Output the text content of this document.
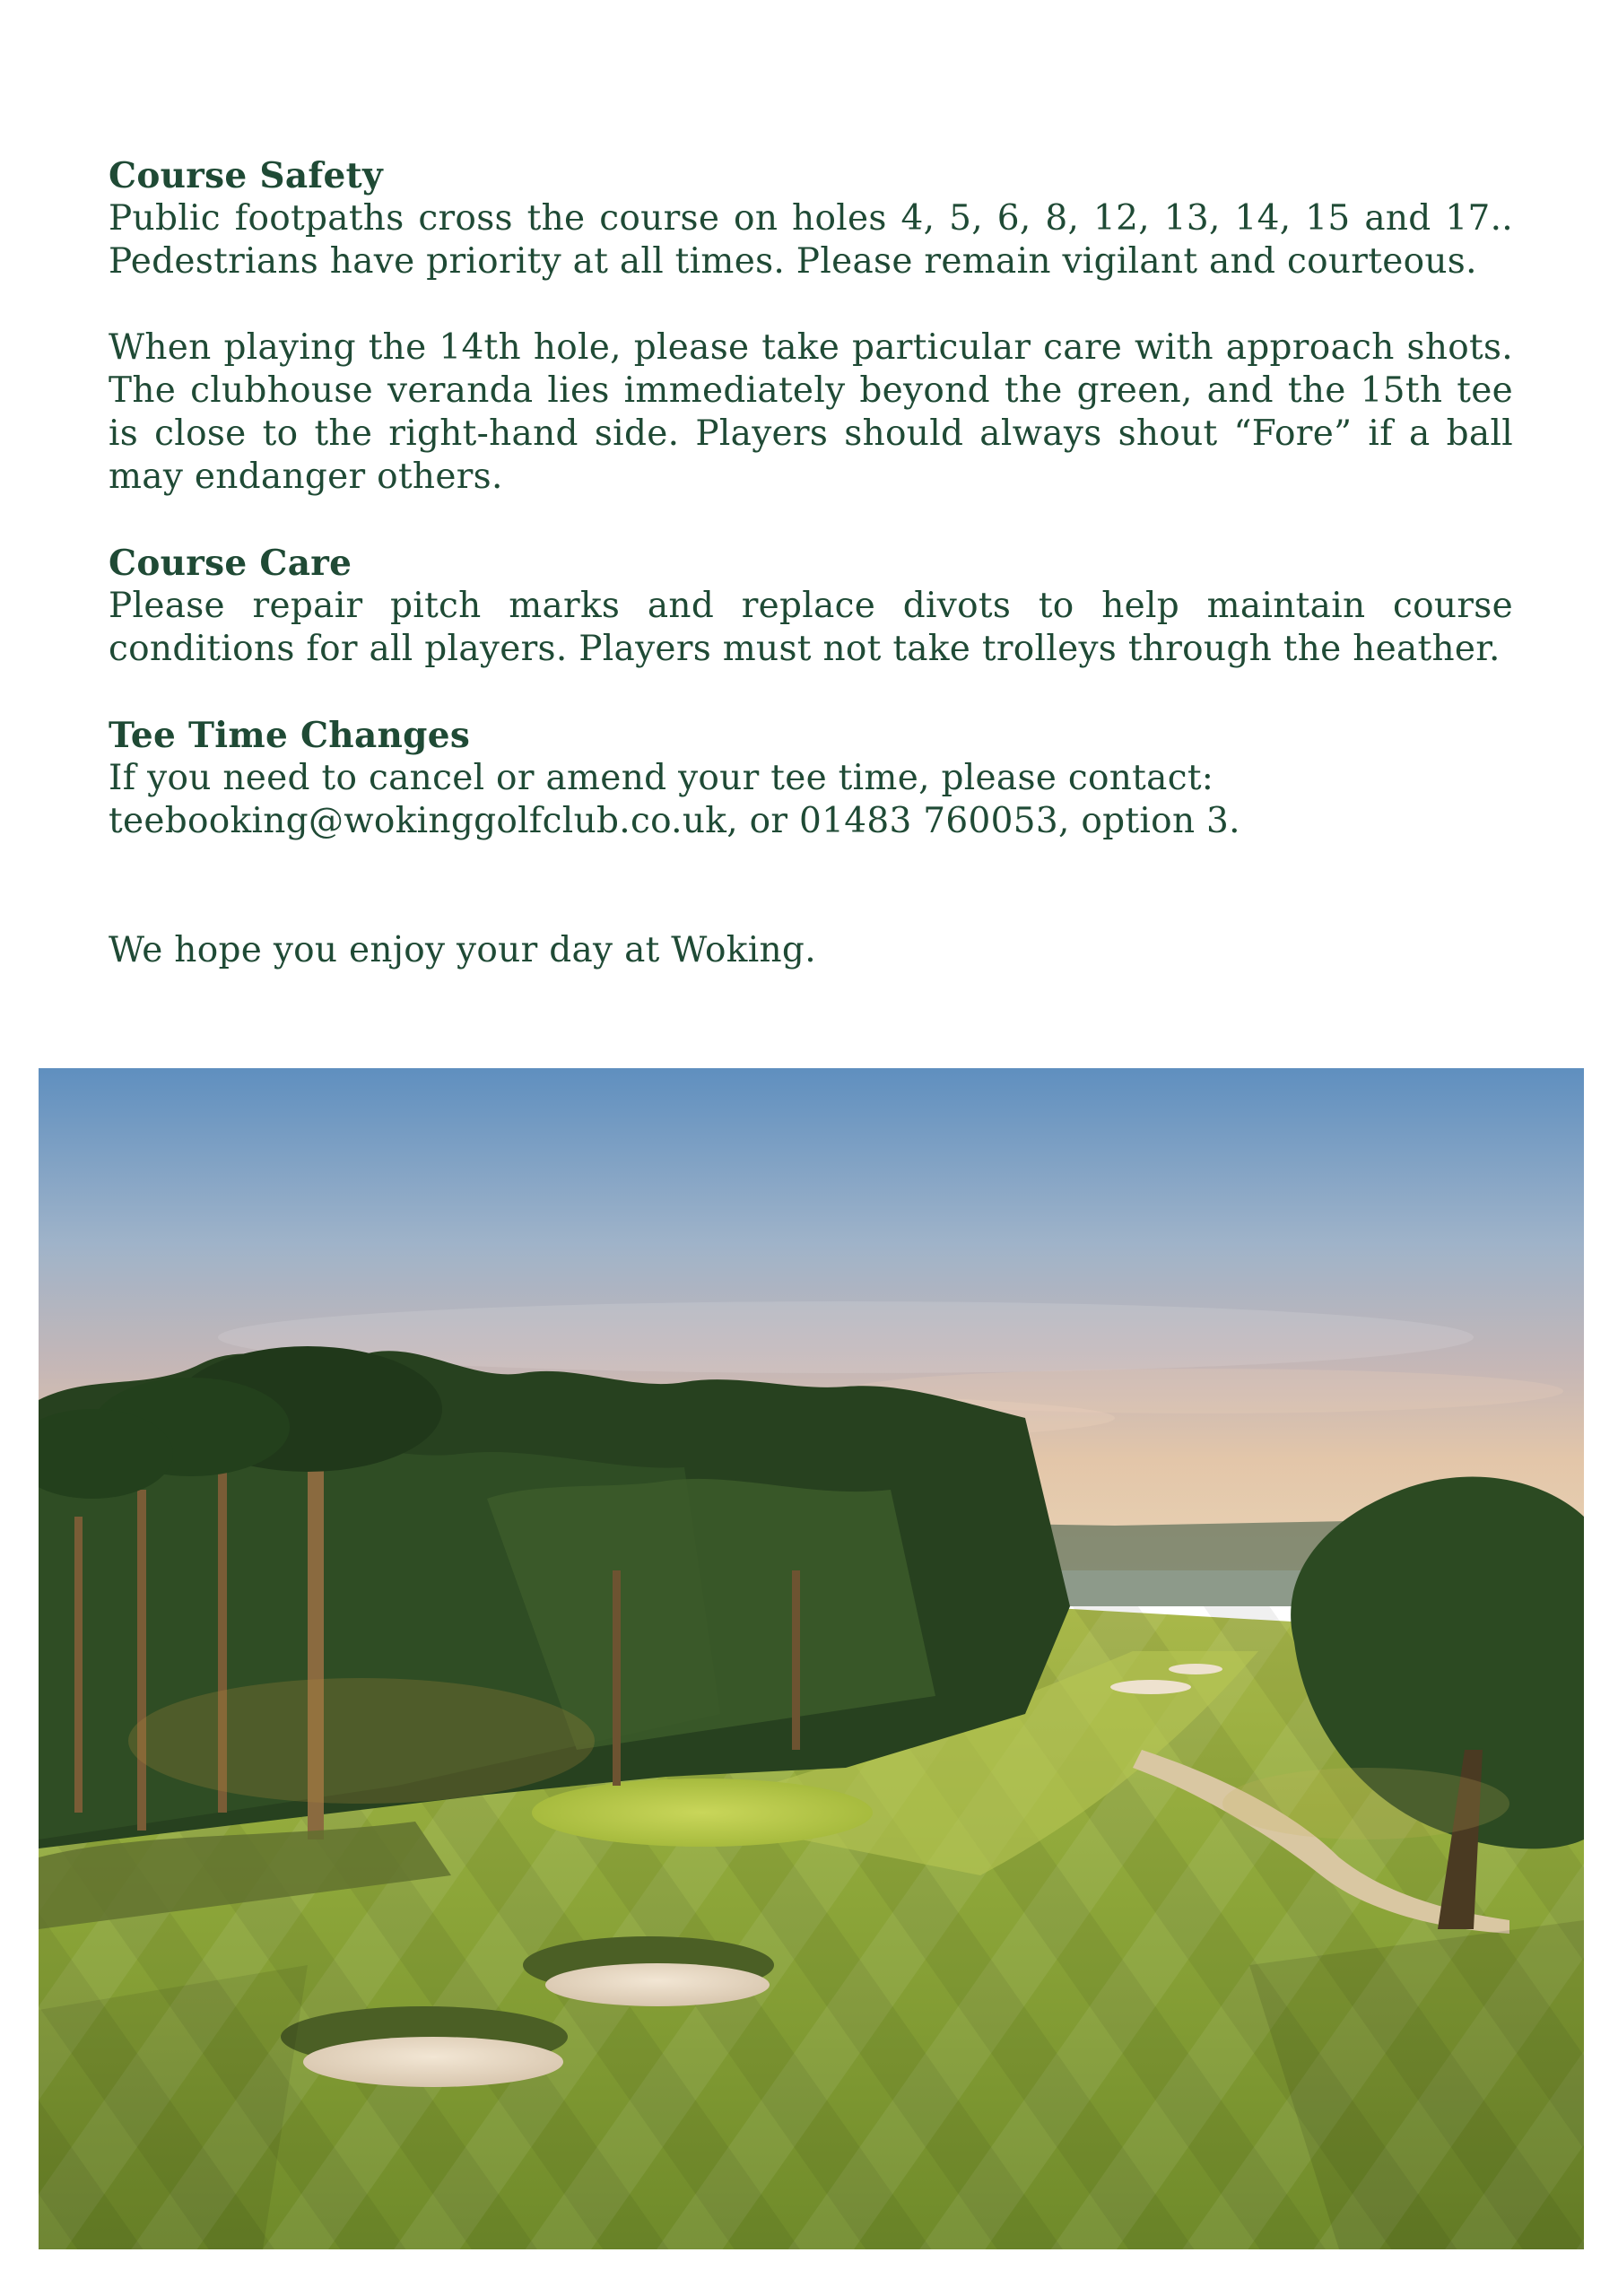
Course Safety

Public footpaths cross the course on holes 4, 5, 6, 8, 12, 13, 14, 15 and 17.. Pedestrians have priority at all times. Please remain vigilant and courteous.

When playing the 14th hole, please take particular care with approach shots. The clubhouse veranda lies immediately beyond the green, and the 15th tee is close to the right-hand side. Players should always shout “Fore” if a ball may endanger others.

Course Care

Please repair pitch marks and replace divots to help maintain course conditions for all players. Players must not take trolleys through the heather.

Tee Time Changes

If you need to cancel or amend your tee time, please contact:
teebooking@wokinggolfclub.co.uk, or 01483 760053, option 3.

We hope you enjoy your day at Woking.
